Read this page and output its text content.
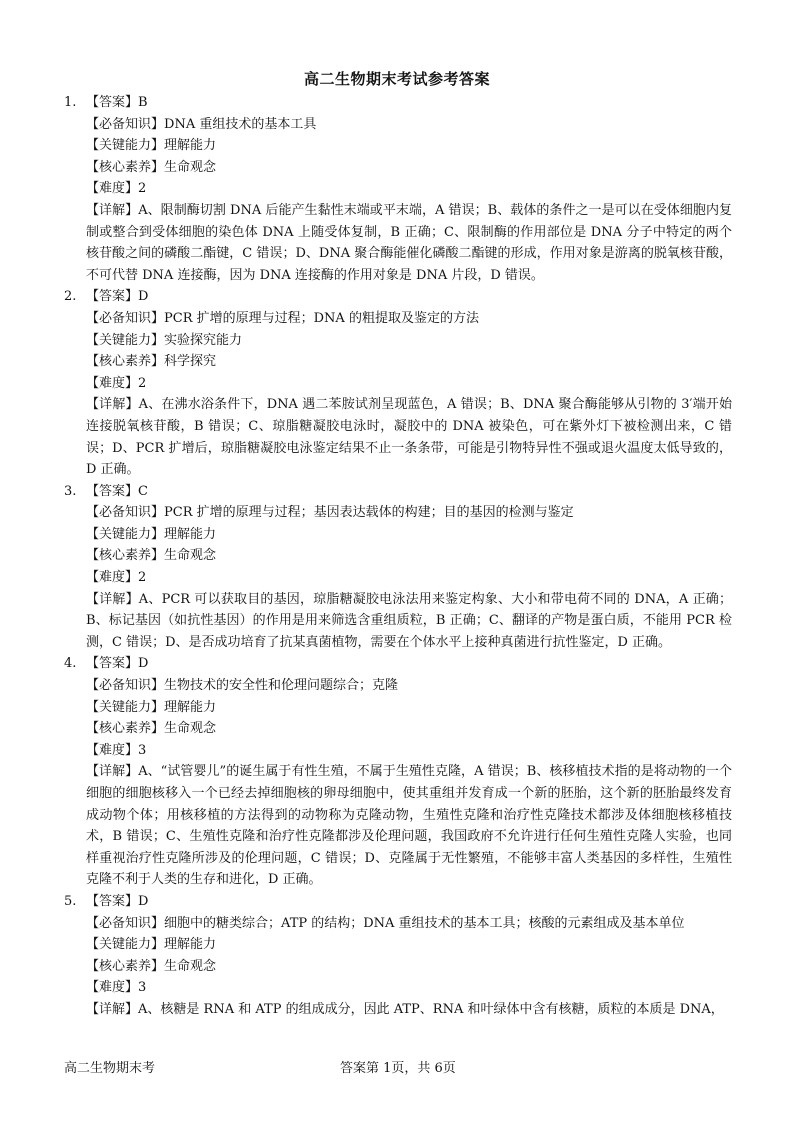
高二生物期末考试参考答案
1. 【答案】 B
【必备知识】DNA 重组技术的基本工具
【关键能力】理解能力
【核心素养】生命观念
【难度】2
【详解】A、限制酶切割 DNA 后能产生黏性末端或平末端，A 错误；B、载体的条件之一是可以在受体细胞内复制或整合到受体细胞的染色体 DNA 上随受体复制，B 正确；C、限制酶的作用部位是 DNA 分子中特定的两个核苷酸之间的磷酸二酯键，C 错误；D、DNA 聚合酶能催化磷酸二酯键的形成，作用对象是游离的脱氧核苷酸，不可代替 DNA 连接酶，因为 DNA 连接酶的作用对象是 DNA 片段，D 错误。
2. 【答案】 D
【必备知识】PCR 扩增的原理与过程；DNA 的粗提取及鉴定的方法
【关键能力】实验探究能力
【核心素养】科学探究
【难度】2
【详解】A、在沸水浴条件下，DNA 遇二苯胺试剂呈现蓝色，A 错误；B、DNA 聚合酶能够从引物的 3′端开始连接脱氧核苷酸，B 错误；C、琼脂糖凝胶电泳时，凝胶中的 DNA 被染色，可在紫外灯下被检测出来，C 错误；D、PCR 扩增后，琼脂糖凝胶电泳鉴定结果不止一条条带，可能是引物特异性不强或退火温度太低导致的，D 正确。
3. 【答案】 C
【必备知识】PCR 扩增的原理与过程；基因表达载体的构建；目的基因的检测与鉴定
【关键能力】理解能力
【核心素养】生命观念
【难度】2
【详解】A、PCR 可以获取目的基因，琼脂糖凝胶电泳法用来鉴定构象、大小和带电荷不同的 DNA，A 正确；B、标记基因（如抗性基因）的作用是用来筛选含重组质粒，B 正确；C、翻译的产物是蛋白质，不能用 PCR 检测，C 错误；D、是否成功培育了抗某真菌植物，需要在个体水平上接种真菌进行抗性鉴定，D 正确。
4. 【答案】 D
【必备知识】生物技术的安全性和伦理问题综合；克隆
【关键能力】理解能力
【核心素养】生命观念
【难度】3
【详解】A、“试管婴儿”的诞生属于有性生殖，不属于生殖性克隆，A 错误；B、核移植技术指的是将动物的一个细胞的细胞核移入一个已经去掉细胞核的卵母细胞中，使其重组并发育成一个新的胚胎，这个新的胚胎最终发育成动物个体；用核移植的方法得到的动物称为克隆动物，生殖性克隆和治疗性克隆技术都涉及体细胞核移植技术，B 错误；C、生殖性克隆和治疗性克隆都涉及伦理问题，我国政府不允许进行任何生殖性克隆人实验，也同样重视治疗性克隆所涉及的伦理问题，C 错误；D、克隆属于无性繁殖，不能够丰富人类基因的多样性，生殖性克隆不利于人类的生存和进化，D 正确。
5. 【答案】 D
【必备知识】细胞中的糖类综合；ATP 的结构；DNA 重组技术的基本工具；核酸的元素组成及基本单位
【关键能力】理解能力
【核心素养】生命观念
【难度】3
【详解】A、核糖是 RNA 和 ATP 的组成成分，因此 ATP、RNA 和叶绿体中含有核糖，质粒的本质是 DNA，
高二生物期末考	答案第 1页，共 6页
